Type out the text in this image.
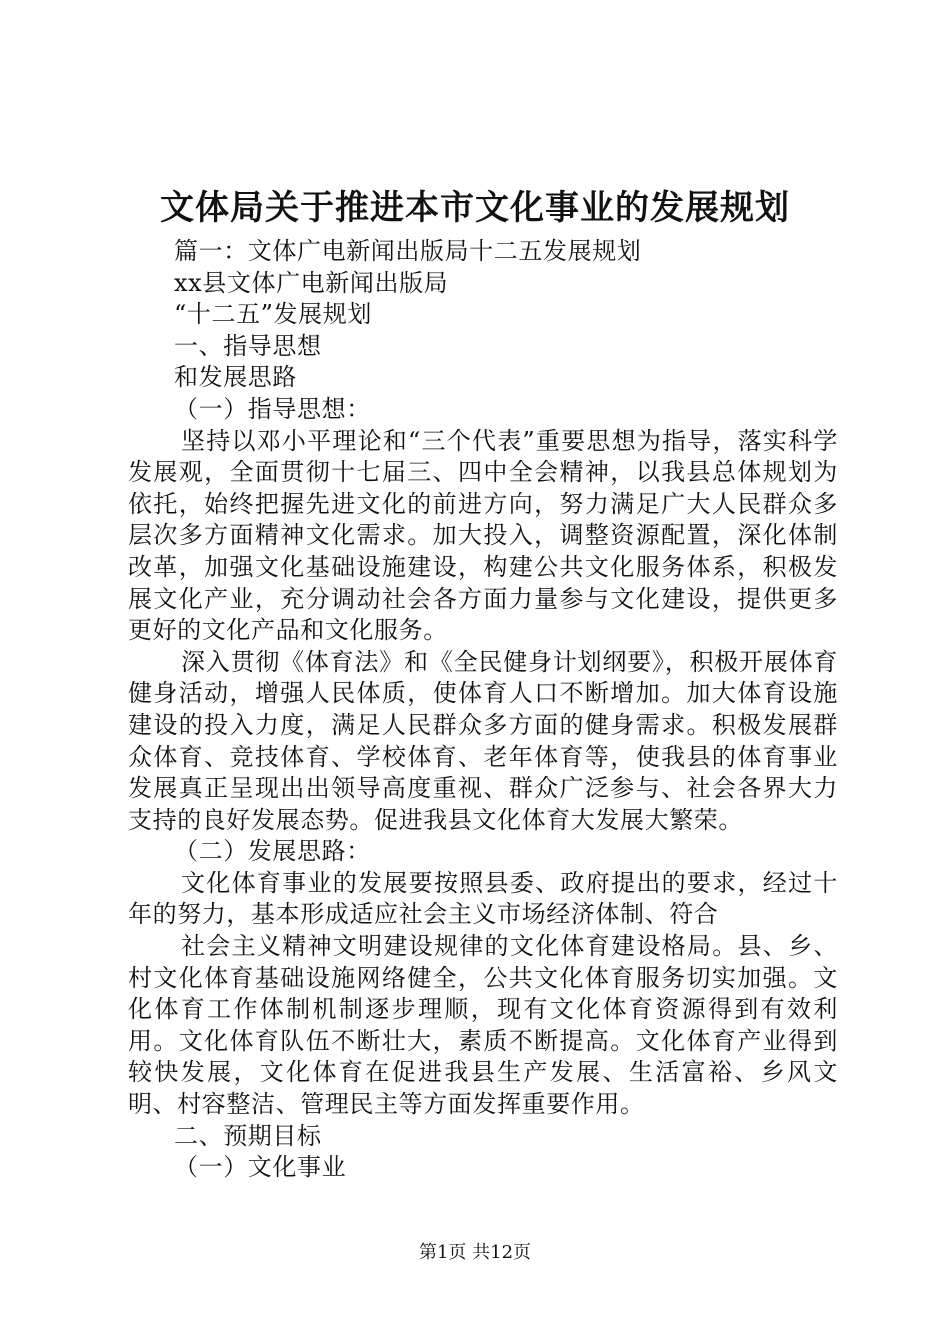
文体局关于推进本市文化事业的发展规划

篇一：文体广电新闻出版局十二五发展规划

xx县文体广电新闻出版局

“十二五”发展规划

一、指导思想

和发展思路

（一）指导思想：

坚持以邓小平理论和“三个代表”重要思想为指导，落实科学发展观，全面贯彻十七届三、四中全会精神，以我县总体规划为依托，始终把握先进文化的前进方向，努力满足广大人民群众多层次多方面精神文化需求。加大投入，调整资源配置，深化体制改革，加强文化基础设施建设，构建公共文化服务体系，积极发展文化产业，充分调动社会各方面力量参与文化建设，提供更多更好的文化产品和文化服务。

深入贯彻《体育法》和《全民健身计划纲要》，积极开展体育健身活动，增强人民体质，使体育人口不断增加。加大体育设施建设的投入力度，满足人民群众多方面的健身需求。积极发展群众体育、竞技体育、学校体育、老年体育等，使我县的体育事业发展真正呈现出出领导高度重视、群众广泛参与、社会各界大力支持的良好发展态势。促进我县文化体育大发展大繁荣。

（二）发展思路：

文化体育事业的发展要按照县委、政府提出的要求，经过十年的努力，基本形成适应社会主义市场经济体制、符合

社会主义精神文明建设规律的文化体育建设格局。县、乡、村文化体育基础设施网络健全，公共文化体育服务切实加强。文化体育工作体制机制逐步理顺，现有文化体育资源得到有效利用。文化体育队伍不断壮大，素质不断提高。文化体育产业得到较快发展，文化体育在促进我县生产发展、生活富裕、乡风文明、村容整洁、管理民主等方面发挥重要作用。

二、预期目标

（一）文化事业

第1页 共12页
